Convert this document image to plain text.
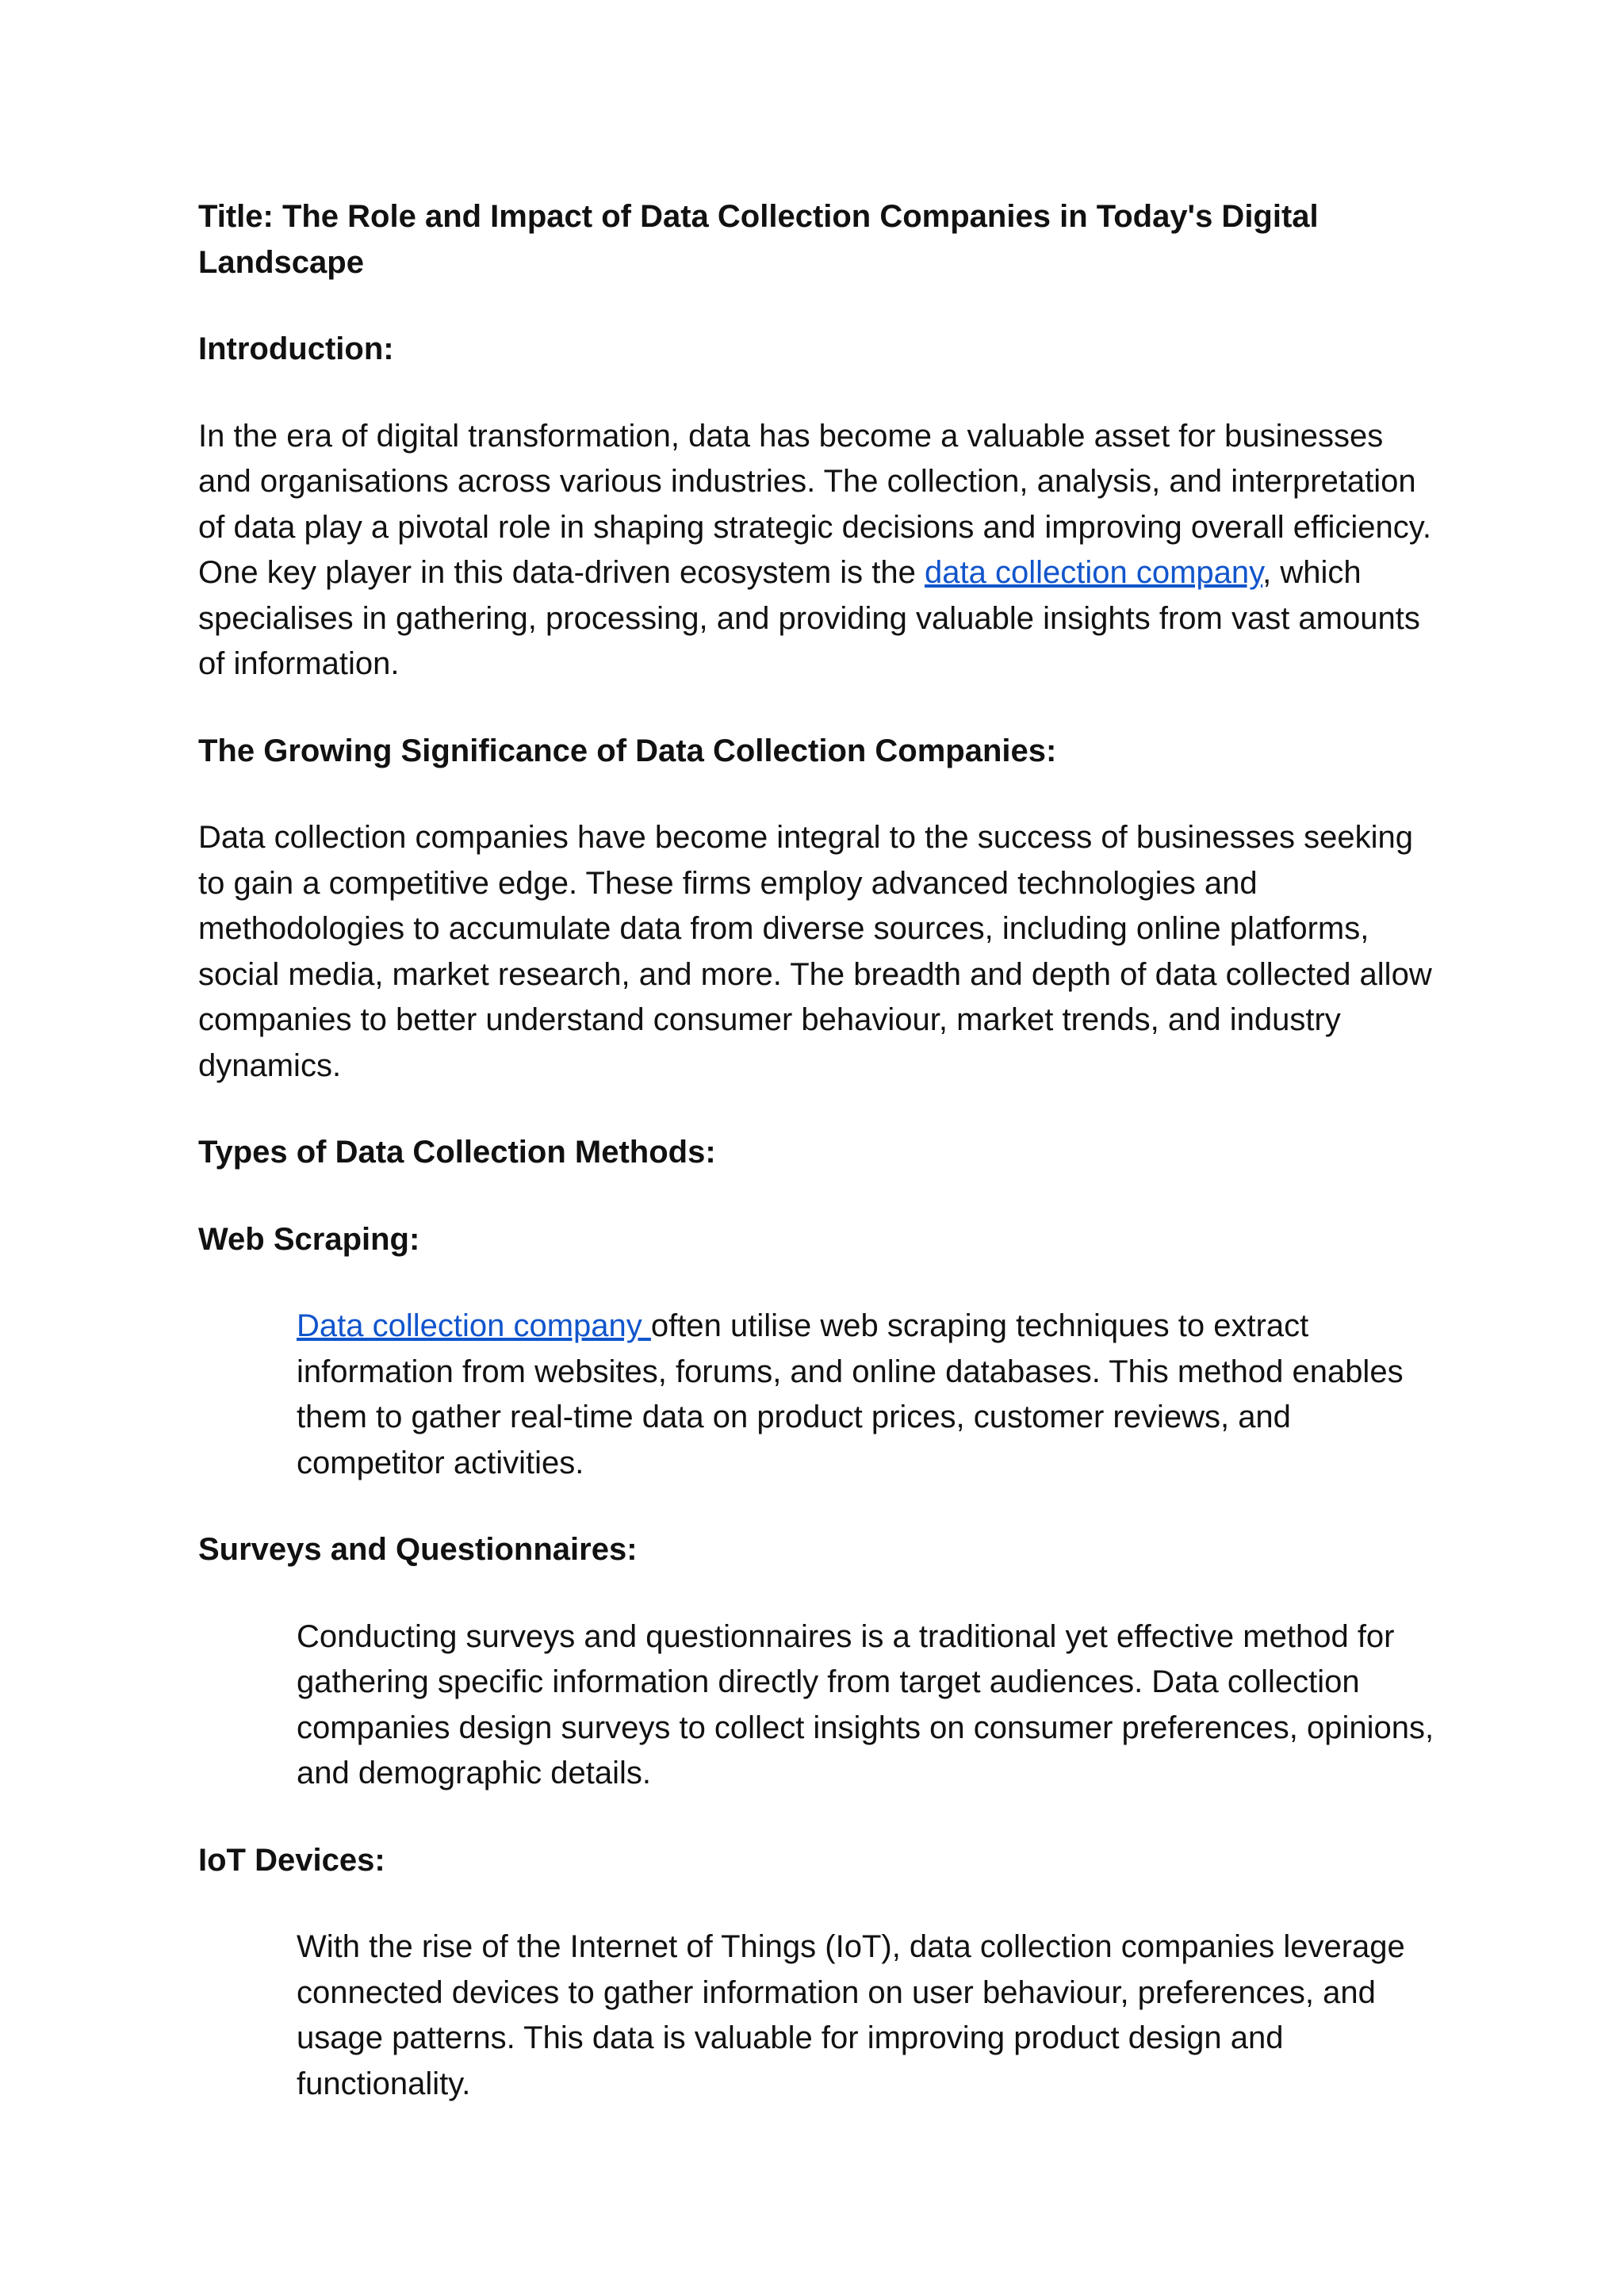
Title: The Role and Impact of Data Collection Companies in Today's Digital Landscape

Introduction:

In the era of digital transformation, data has become a valuable asset for businesses and organisations across various industries. The collection, analysis, and interpretation of data play a pivotal role in shaping strategic decisions and improving overall efficiency. One key player in this data-driven ecosystem is the data collection company, which specialises in gathering, processing, and providing valuable insights from vast amounts of information.

The Growing Significance of Data Collection Companies:

Data collection companies have become integral to the success of businesses seeking to gain a competitive edge. These firms employ advanced technologies and methodologies to accumulate data from diverse sources, including online platforms, social media, market research, and more. The breadth and depth of data collected allow companies to better understand consumer behaviour, market trends, and industry dynamics.

Types of Data Collection Methods:

Web Scraping:

Data collection company often utilise web scraping techniques to extract information from websites, forums, and online databases. This method enables them to gather real-time data on product prices, customer reviews, and competitor activities.

Surveys and Questionnaires:

Conducting surveys and questionnaires is a traditional yet effective method for gathering specific information directly from target audiences. Data collection companies design surveys to collect insights on consumer preferences, opinions, and demographic details.

IoT Devices:

With the rise of the Internet of Things (IoT), data collection companies leverage connected devices to gather information on user behaviour, preferences, and usage patterns. This data is valuable for improving product design and functionality.
